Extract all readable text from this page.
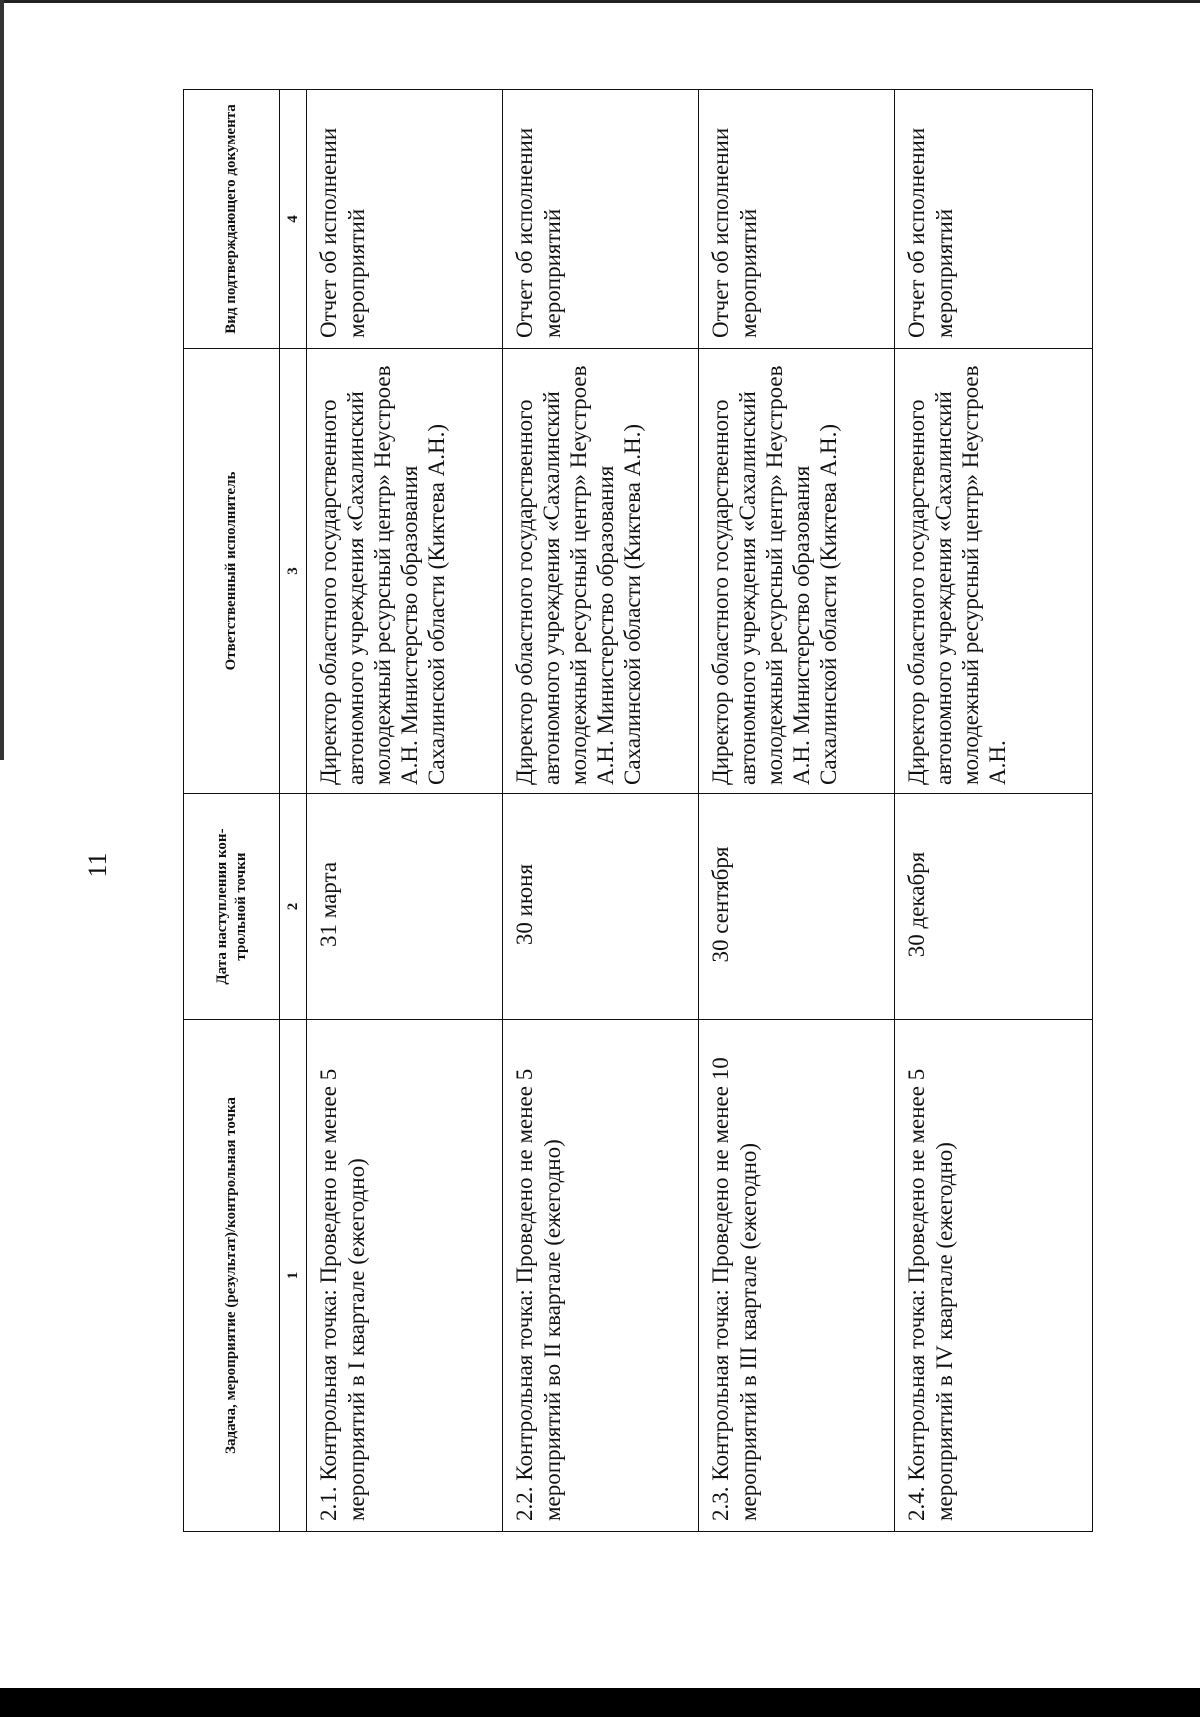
11
Задача, мероприятие (результат)/контрольная точка	Дата наступления кон-трольной точки	Ответственный исполнитель	Вид подтверждающего документа
1	2	3	4
2.1. Контрольная точка: Проведено не менее 5 мероприятий в I квартале (ежегодно)	31 марта	Директор областного государственного автономного учреждения «Сахалинский молодежный ресурсный центр» Неустроев А.Н. Министерство образования Сахалинской области (Киктева А.Н.)	Отчет об исполнении мероприятий
2.2. Контрольная точка: Проведено не менее 5 мероприятий во II квартале (ежегодно)	30 июня	Директор областного государственного автономного учреждения «Сахалинский молодежный ресурсный центр» Неустроев А.Н. Министерство образования Сахалинской области (Киктева А.Н.)	Отчет об исполнении мероприятий
2.3. Контрольная точка: Проведено не менее 10 мероприятий в III квартале (ежегодно)	30 сентября	Директор областного государственного автономного учреждения «Сахалинский молодежный ресурсный центр» Неустроев А.Н. Министерство образования Сахалинской области (Киктева А.Н.)	Отчет об исполнении мероприятий
2.4. Контрольная точка: Проведено не менее 5 мероприятий в IV квартале (ежегодно)	30 декабря	Директор областного государственного автономного учреждения «Сахалинский молодежный ресурсный центр» Неустроев А.Н.	Отчет об исполнении мероприятий
